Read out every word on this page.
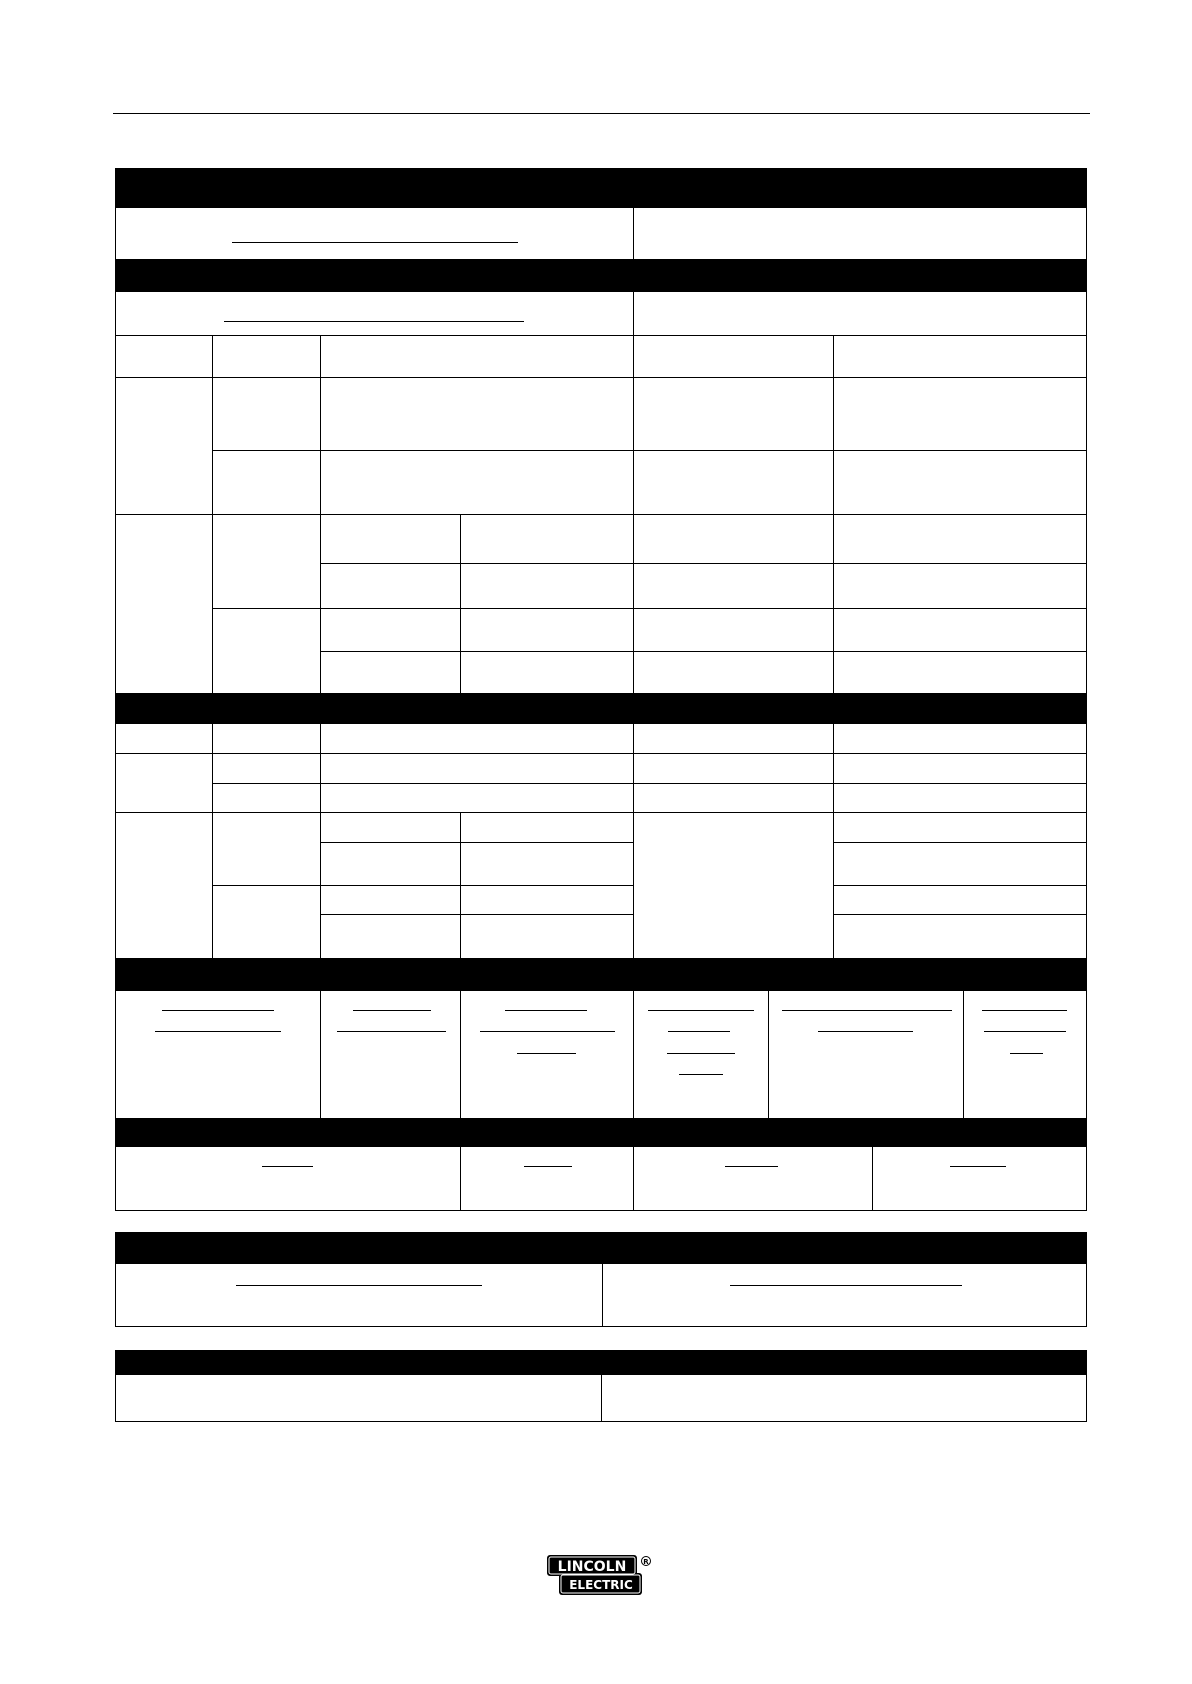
LINCOLN
ELECTRIC
R
